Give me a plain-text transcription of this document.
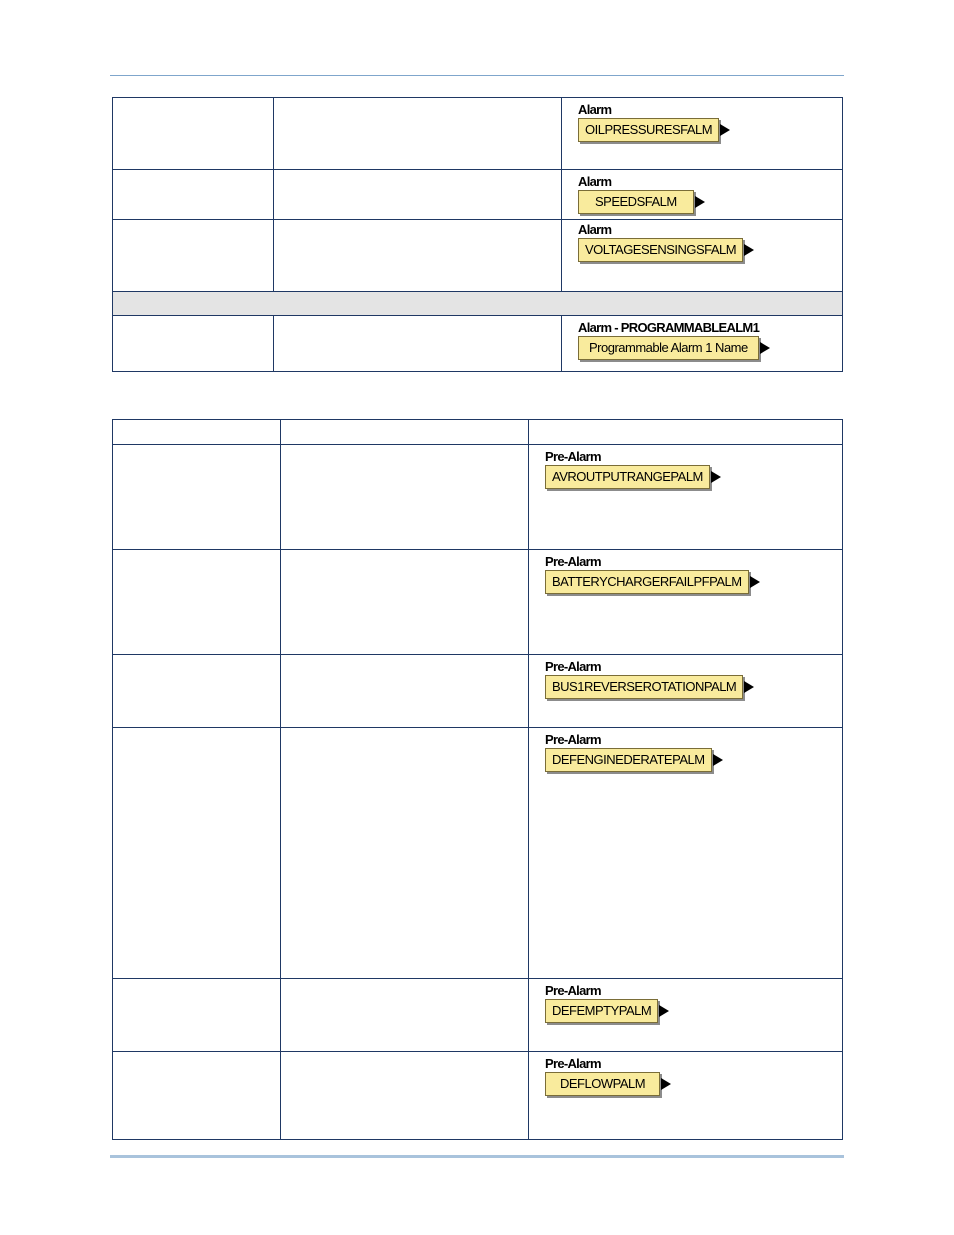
		Alarm
OILPRESSURESFALM

		Alarm
SPEEDSFALM

		Alarm
VOLTAGESENSINGSFALM

		Alarm - PROGRAMMABLEALM1
Programmable Alarm 1 Name

		Pre-Alarm
AVROUTPUTRANGEPALM

		Pre-Alarm
BATTERYCHARGERFAILPFPALM

		Pre-Alarm
BUS1REVERSEROTATIONPALM

		Pre-Alarm
DEFENGINEDERATEPALM

		Pre-Alarm
DEFEMPTYPALM

		Pre-Alarm
DEFLOWPALM
